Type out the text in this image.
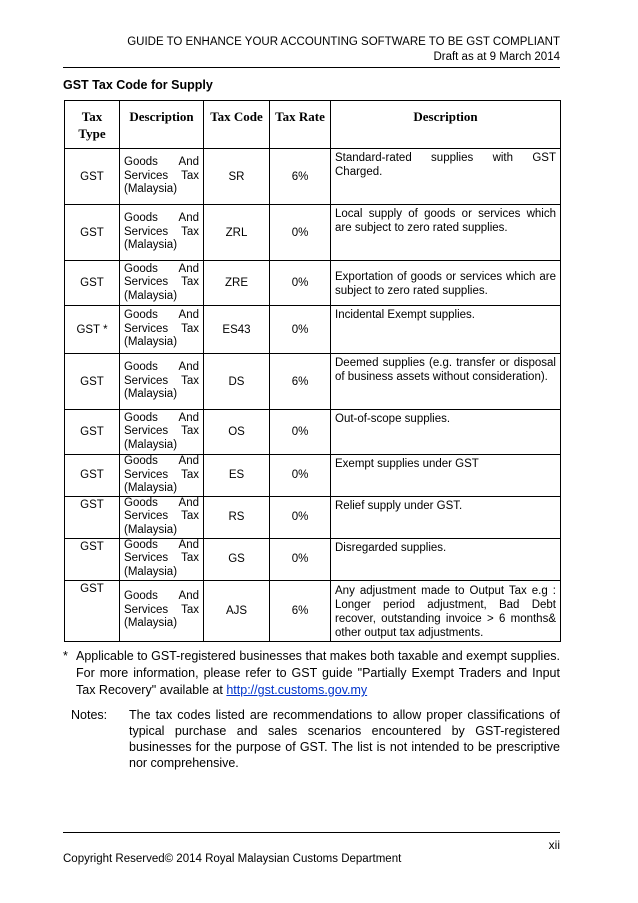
GUIDE TO ENHANCE YOUR ACCOUNTING SOFTWARE TO BE GST COMPLIANT
Draft as at 9 March 2014
GST Tax Code for Supply
Tax Type	Description	Tax Code	Tax Rate	Description
GST	Goods And Services Tax (Malaysia)	SR	6%	Standard-rated supplies with GST Charged.
GST	Goods And Services Tax (Malaysia)	ZRL	0%	Local supply of goods or services which are subject to zero rated supplies.
GST	Goods And Services Tax (Malaysia)	ZRE	0%	Exportation of goods or services which are subject to zero rated supplies.
GST *	Goods And Services Tax (Malaysia)	ES43	0%	Incidental Exempt supplies.
GST	Goods And Services Tax (Malaysia)	DS	6%	Deemed supplies (e.g. transfer or disposal of business assets without consideration).
GST	Goods And Services Tax (Malaysia)	OS	0%	Out-of-scope supplies.
GST	Goods And Services Tax (Malaysia)	ES	0%	Exempt supplies under GST
GST	Goods And Services Tax (Malaysia)	RS	0%	Relief supply under GST.
GST	Goods And Services Tax (Malaysia)	GS	0%	Disregarded supplies.
GST	Goods And Services Tax (Malaysia)	AJS	6%	Any adjustment made to Output Tax e.g : Longer period adjustment, Bad Debt recover, outstanding invoice > 6 months& other output tax adjustments.
* Applicable to GST-registered businesses that makes both taxable and exempt supplies. For more information, please refer to GST guide "Partially Exempt Traders and Input Tax Recovery" available at http://gst.customs.gov.my
Notes: The tax codes listed are recommendations to allow proper classifications of typical purchase and sales scenarios encountered by GST-registered businesses for the purpose of GST. The list is not intended to be prescriptive nor comprehensive.
xii
Copyright Reserved© 2014 Royal Malaysian Customs Department
